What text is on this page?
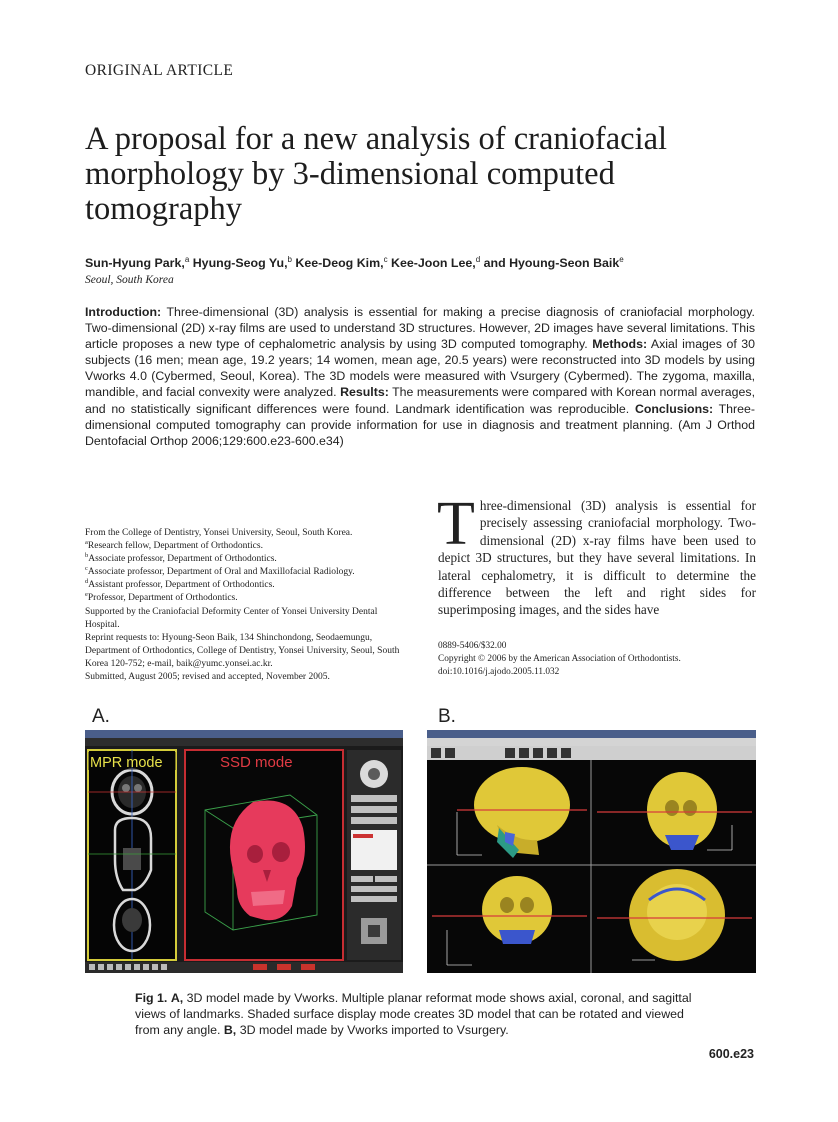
ORIGINAL ARTICLE
A proposal for a new analysis of craniofacial morphology by 3-dimensional computed tomography
Sun-Hyung Park,$^a$ Hyung-Seog Yu,$^b$ Kee-Deog Kim,$^c$ Kee-Joon Lee,$^d$ and Hyoung-Seon Baik$^e$
Seoul, South Korea

Introduction: Three-dimensional (3D) analysis is essential for making a precise diagnosis of craniofacial morphology. Two-dimensional (2D) x-ray films are used to understand 3D structures. However, 2D images have several limitations. This article proposes a new type of cephalometric analysis by using 3D computed tomography. Methods: Axial images of 30 subjects (16 men; mean age, 19.2 years; 14 women, mean age, 20.5 years) were reconstructed into 3D models by using Vworks 4.0 (Cybermed, Seoul, Korea). The 3D models were measured with Vsurgery (Cybermed). The zygoma, maxilla, mandible, and facial convexity were analyzed. Results: The measurements were compared with Korean normal averages, and no statistically significant differences were found. Landmark identification was reproducible. Conclusions: Three-dimensional computed tomography can provide information for use in diagnosis and treatment planning. (Am J Orthod Dentofacial Orthop 2006;129:600.e23-600.e34)

From the College of Dentistry, Yonsei University, Seoul, South Korea.

$^a$Research fellow, Department of Orthodontics.

$^b$Associate professor, Department of Orthodontics.

$^c$Associate professor, Department of Oral and Maxillofacial Radiology.

$^d$Assistant professor, Department of Orthodontics.

$^e$Professor, Department of Orthodontics.

Supported by the Craniofacial Deformity Center of Yonsei University Dental Hospital.

Reprint requests to: Hyoung-Seon Baik, 134 Shinchondong, Seodaemungu, Department of Orthodontics, College of Dentistry, Yonsei University, Seoul, South Korea 120-752; e-mail, baik@yumc.yonsei.ac.kr.

Submitted, August 2005; revised and accepted, November 2005.

Three-dimensional (3D) analysis is essential for precisely assessing craniofacial morphology. Two-dimensional (2D) x-ray films have been used to depict 3D structures, but they have several limitations. In lateral cephalometry, it is difficult to determine the difference between the left and right sides for superimposing images, and the sides have

0889-5406/$32.00

Copyright © 2006 by the American Association of Orthodontists.

doi:10.1016/j.ajodo.2005.11.032

A.	B.
MPR mode	SSD mode

Fig 1. A, 3D model made by Vworks. Multiple planar reformat mode shows axial, coronal, and sagittal views of landmarks. Shaded surface display mode creates 3D model that can be rotated and viewed from any angle. B, 3D model made by Vworks imported to Vsurgery.

600.e23
